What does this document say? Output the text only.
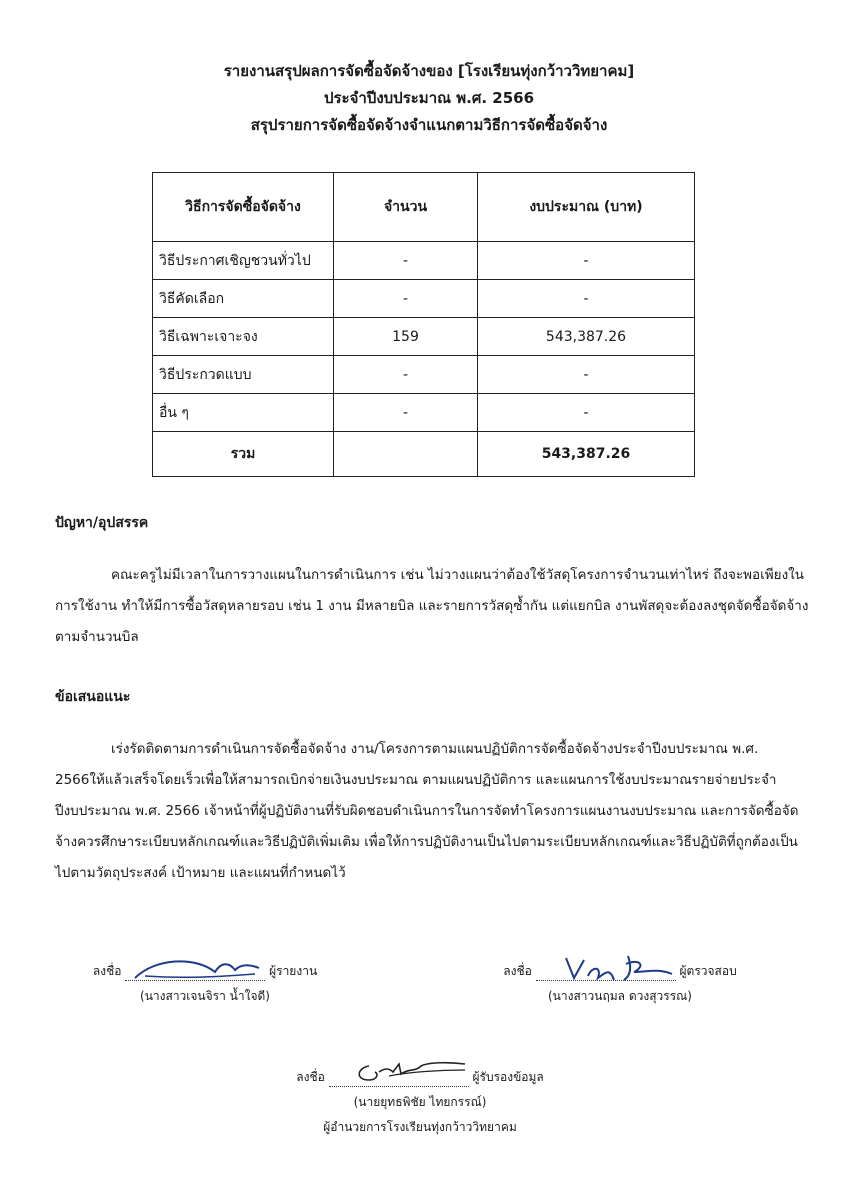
รายงานสรุปผลการจัดซื้อจัดจ้างของ [โรงเรียนทุ่งกว้าววิทยาคม]
ประจำปีงบประมาณ พ.ศ. 2566
สรุปรายการจัดซื้อจัดจ้างจำแนกตามวิธีการจัดซื้อจัดจ้าง
วิธีการจัดซื้อจัดจ้าง	จำนวน	งบประมาณ (บาท)
วิธีประกาศเชิญชวนทั่วไป	-	-
วิธีคัดเลือก	-	-
วิธีเฉพาะเจาะจง	159	543,387.26
วิธีประกวดแบบ	-	-
อื่น ๆ	-	-
รวม		543,387.26
ปัญหา/อุปสรรค
คณะครูไม่มีเวลาในการวางแผนในการดำเนินการ เช่น ไม่วางแผนว่าต้องใช้วัสดุโครงการจำนวนเท่าไหร่ ถึงจะพอเพียงในการใช้งาน ทำให้มีการซื้อวัสดุหลายรอบ เช่น 1 งาน มีหลายบิล และรายการวัสดุซ้ำกัน แต่แยกบิล งานพัสดุจะต้องลงชุดจัดซื้อจัดจ้างตามจำนวนบิล
ข้อเสนอแนะ
เร่งรัดติดตามการดำเนินการจัดซื้อจัดจ้าง งาน/โครงการตามแผนปฏิบัติการจัดซื้อจัดจ้างประจำปีงบประมาณ พ.ศ. 2566ให้แล้วเสร็จโดยเร็วเพื่อให้สามารถเบิกจ่ายเงินงบประมาณ ตามแผนปฏิบัติการ และแผนการใช้งบประมาณรายจ่ายประจำปีงบประมาณ พ.ศ. 2566 เจ้าหน้าที่ผู้ปฏิบัติงานที่รับผิดชอบดำเนินการในการจัดทำโครงการแผนงานงบประมาณ และการจัดซื้อจัดจ้างควรศึกษาระเบียบหลักเกณฑ์และวิธีปฏิบัติเพิ่มเติม เพื่อให้การปฏิบัติงานเป็นไปตามระเบียบหลักเกณฑ์และวิธีปฏิบัติที่ถูกต้องเป็นไปตามวัตถุประสงค์ เป้าหมาย และแผนที่กำหนดไว้
ลงชื่อ	ผู้รายงาน
(นางสาวเจนจิรา น้ำใจดี)
ลงชื่อ	ผู้ตรวจสอบ
(นางสาวนฤมล ดวงสุวรรณ)
ลงชื่อ	ผู้รับรองข้อมูล
(นายยุทธพิชัย ไทยกรรณ์)
ผู้อำนวยการโรงเรียนทุ่งกว้าววิทยาคม
